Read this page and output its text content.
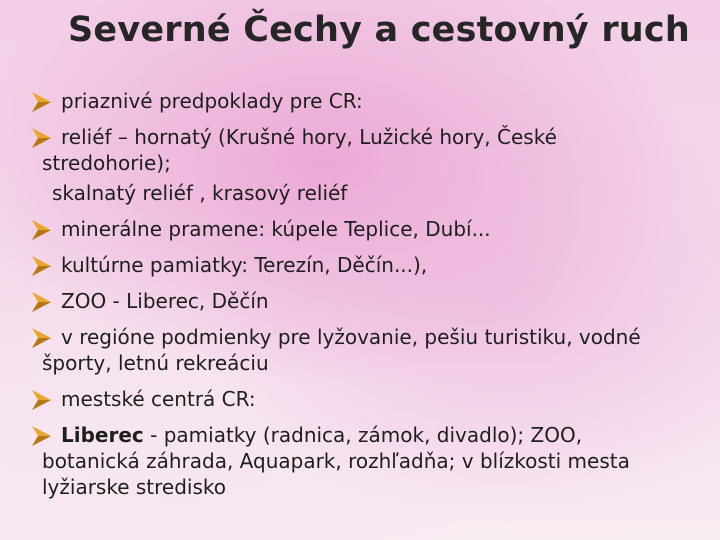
Severné Čechy a cestovný ruch
priaznivé predpoklady pre CR:
reliéf – hornatý (Krušné hory, Lužické hory, České
stredohorie);
skalnatý reliéf , krasový reliéf
minerálne pramene: kúpele Teplice, Dubí...
kultúrne pamiatky: Terezín, Děčín...),
ZOO - Liberec, Děčín
v regióne podmienky pre lyžovanie, pešiu turistiku, vodné
športy, letnú rekreáciu
mestské centrá CR:
Liberec - pamiatky (radnica, zámok, divadlo); ZOO,
botanická záhrada, Aquapark, rozhľadňa; v blízkosti mesta
lyžiarske stredisko
